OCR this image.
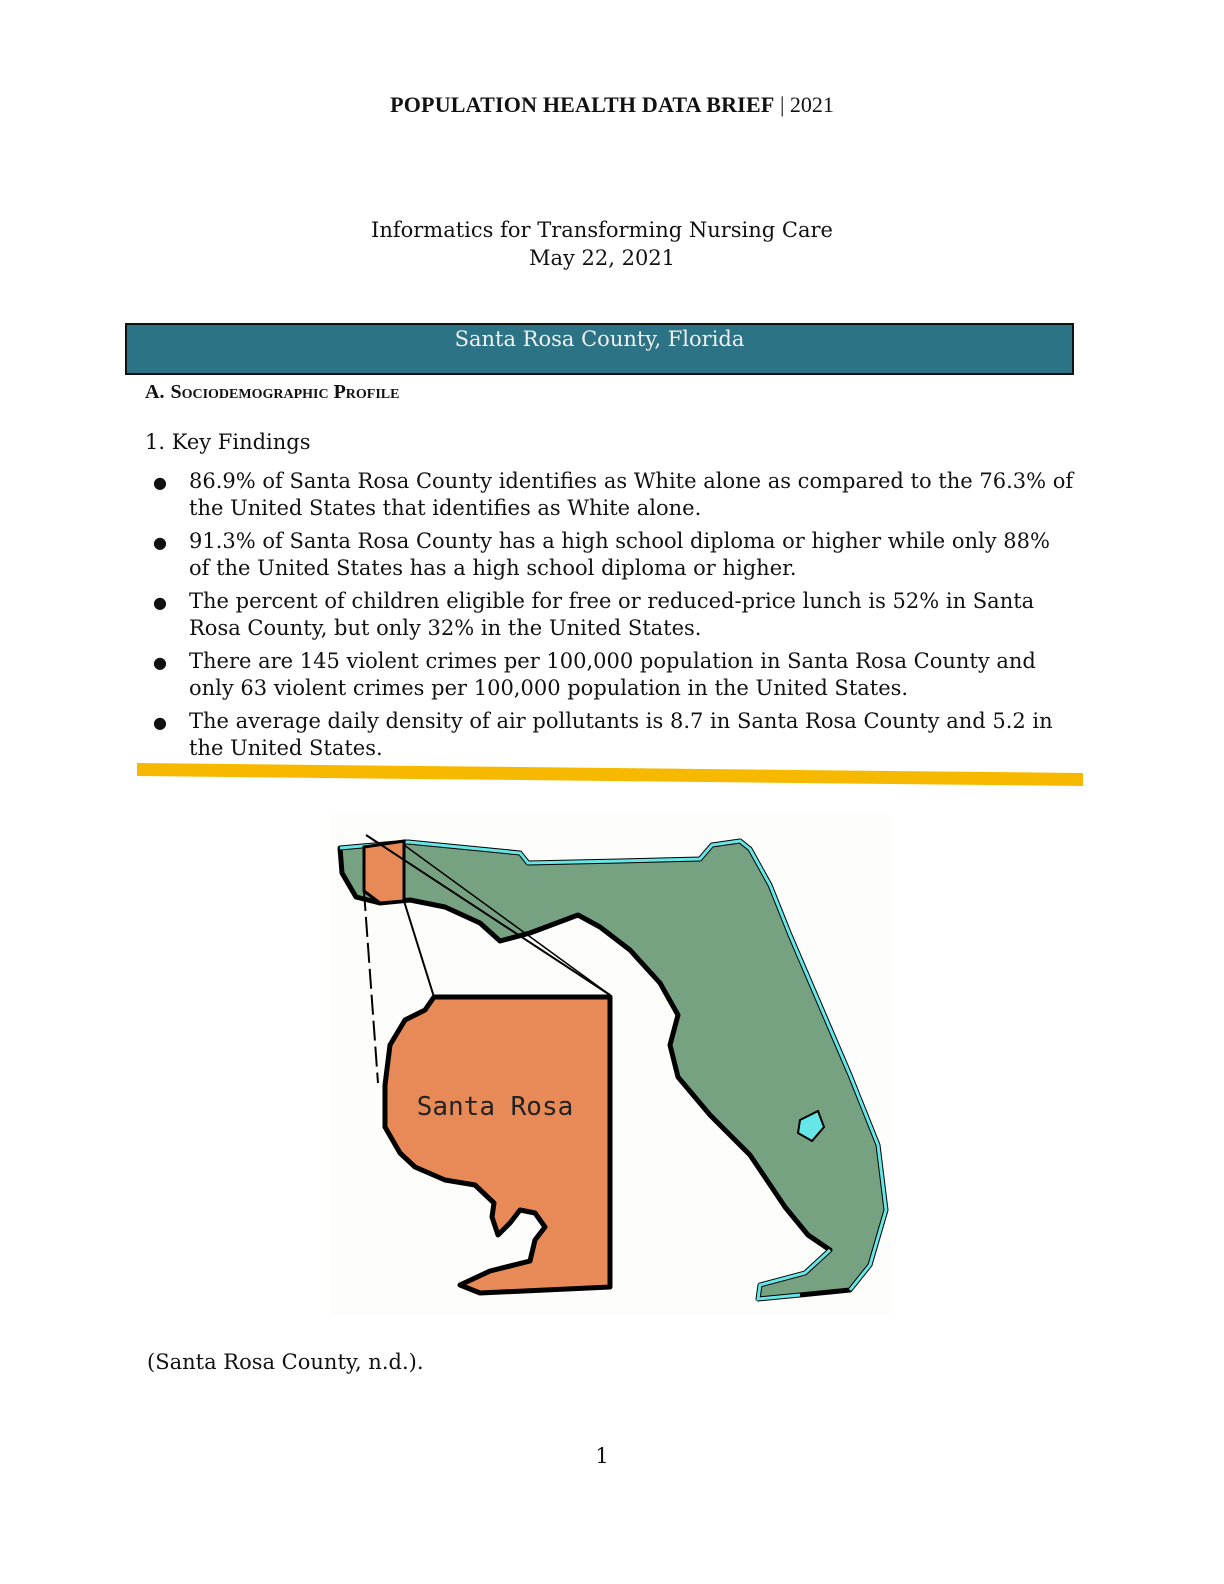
POPULATION HEALTH DATA BRIEF | 2021
Informatics for Transforming Nursing Care
May 22, 2021
Santa Rosa County, Florida
A. Sociodemographic Profile
1. Key Findings
● 86.9% of Santa Rosa County identifies as White alone as compared to the 76.3% of the United States that identifies as White alone.
● 91.3% of Santa Rosa County has a high school diploma or higher while only 88% of the United States has a high school diploma or higher.
● The percent of children eligible for free or reduced-price lunch is 52% in Santa Rosa County, but only 32% in the United States.
● There are 145 violent crimes per 100,000 population in Santa Rosa County and only 63 violent crimes per 100,000 population in the United States.
● The average daily density of air pollutants is 8.7 in Santa Rosa County and 5.2 in the United States.
Santa Rosa
(Santa Rosa County, n.d.).
1
